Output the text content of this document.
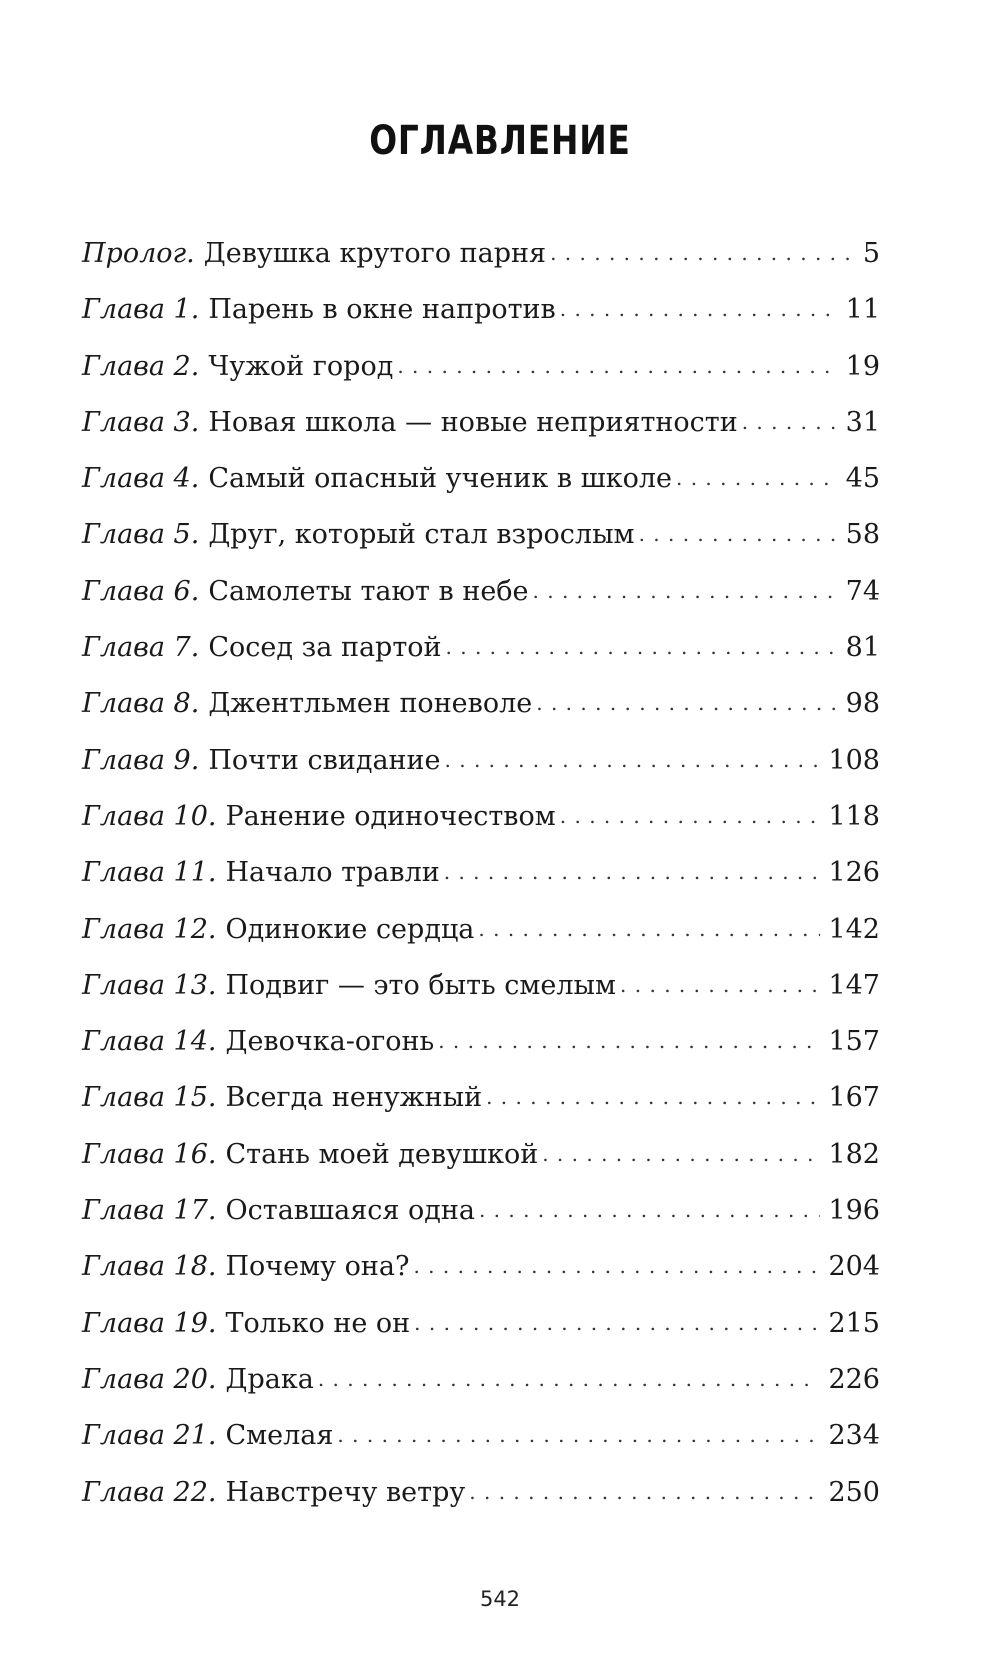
ОГЛАВЛЕНИЕ
Пролог. Девушка крутого парня . . .	5
Глава 1. Парень в окне напротив . . .	11
Глава 2. Чужой город . . .	19
Глава 3. Новая школа — новые неприятности . . .	31
Глава 4. Самый опасный ученик в школе . . .	45
Глава 5. Друг, который стал взрослым . . .	58
Глава 6. Самолеты тают в небе . . .	74
Глава 7. Сосед за партой . . .	81
Глава 8. Джентльмен поневоле . . .	98
Глава 9. Почти свидание . . .	108
Глава 10. Ранение одиночеством . . .	118
Глава 11. Начало травли . . .	126
Глава 12. Одинокие сердца . . .	142
Глава 13. Подвиг — это быть смелым . . .	147
Глава 14. Девочка-огонь . . .	157
Глава 15. Всегда ненужный . . .	167
Глава 16. Стань моей девушкой . . .	182
Глава 17. Оставшаяся одна . . .	196
Глава 18. Почему она? . . .	204
Глава 19. Только не он . . .	215
Глава 20. Драка . . .	226
Глава 21. Смелая . . .	234
Глава 22. Навстречу ветру . . .	250
542
